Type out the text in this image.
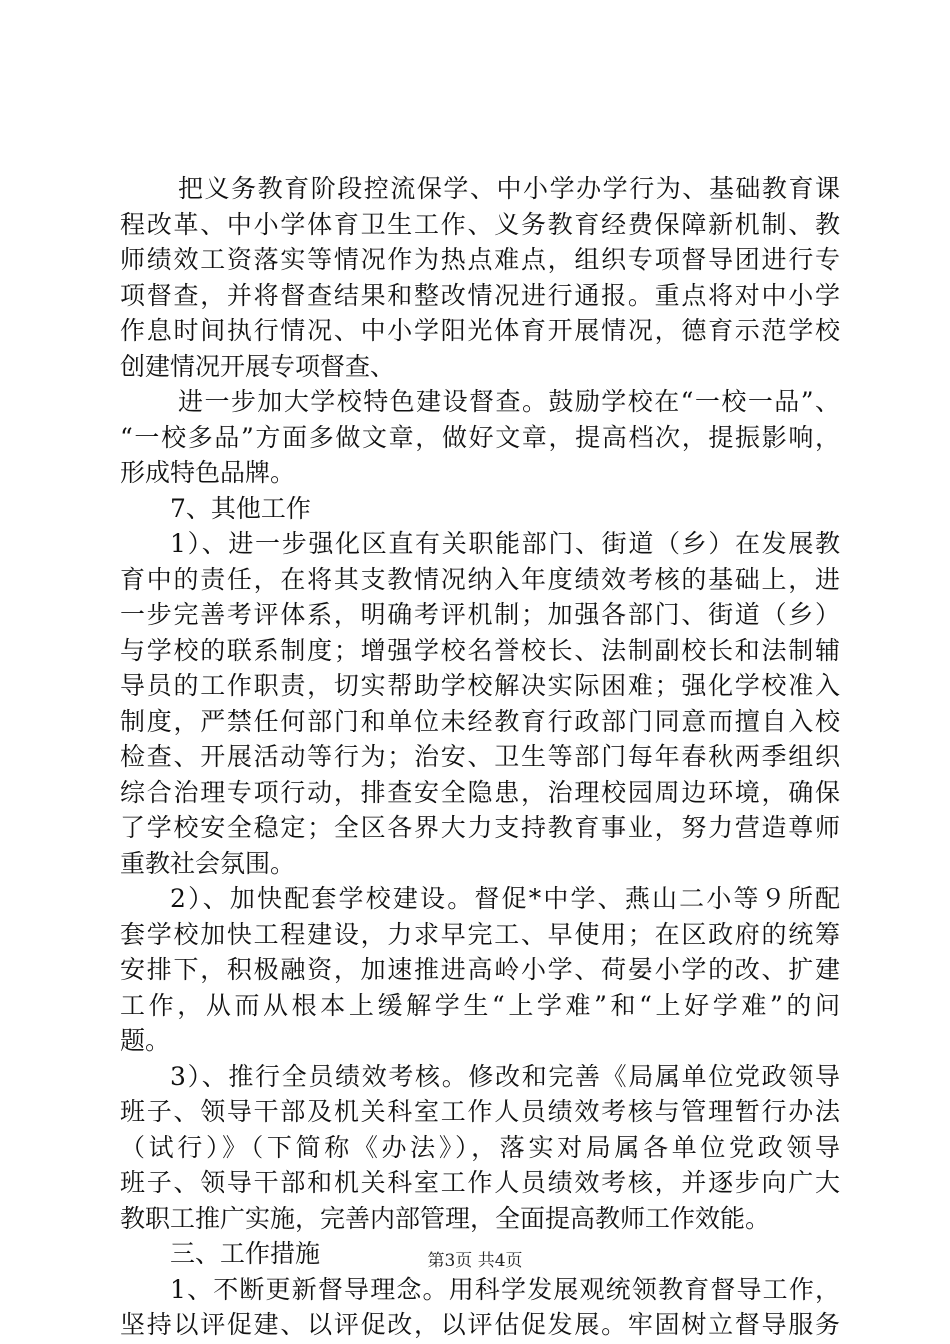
把义务教育阶段控流保学、中小学办学行为、基础教育课
程改革、中小学体育卫生工作、义务教育经费保障新机制、教
师绩效工资落实等情况作为热点难点，组织专项督导团进行专
项督查，并将督查结果和整改情况进行通报。重点将对中小学
作息时间执行情况、中小学阳光体育开展情况，德育示范学校
创建情况开展专项督查、
进一步加大学校特色建设督查。鼓励学校在“一校一品”、
“一校多品”方面多做文章，做好文章，提高档次，提振影响，
形成特色品牌。
7、其他工作
1）、进一步强化区直有关职能部门、街道（乡）在发展教
育中的责任，在将其支教情况纳入年度绩效考核的基础上，进
一步完善考评体系，明确考评机制；加强各部门、街道（乡）
与学校的联系制度；增强学校名誉校长、法制副校长和法制辅
导员的工作职责，切实帮助学校解决实际困难；强化学校准入
制度，严禁任何部门和单位未经教育行政部门同意而擅自入校
检查、开展活动等行为；治安、卫生等部门每年春秋两季组织
综合治理专项行动，排查安全隐患，治理校园周边环境，确保
了学校安全稳定；全区各界大力支持教育事业，努力营造尊师
重教社会氛围。
2）、加快配套学校建设。督促*中学、燕山二小等９所配
套学校加快工程建设，力求早完工、早使用；在区政府的统筹
安排下，积极融资，加速推进高岭小学、荷晏小学的改、扩建
工作，从而从根本上缓解学生“上学难”和“上好学难”的问
题。
3）、推行全员绩效考核。修改和完善《局属单位党政领导
班子、领导干部及机关科室工作人员绩效考核与管理暂行办法
（试行）》（下简称《办法》），落实对局属各单位党政领导
班子、领导干部和机关科室工作人员绩效考核，并逐步向广大
教职工推广实施，完善内部管理，全面提高教师工作效能。
三、工作措施
1、不断更新督导理念。用科学发展观统领教育督导工作，
坚持以评促建、以评促改，以评估促发展。牢固树立督导服务
第3页 共4页
